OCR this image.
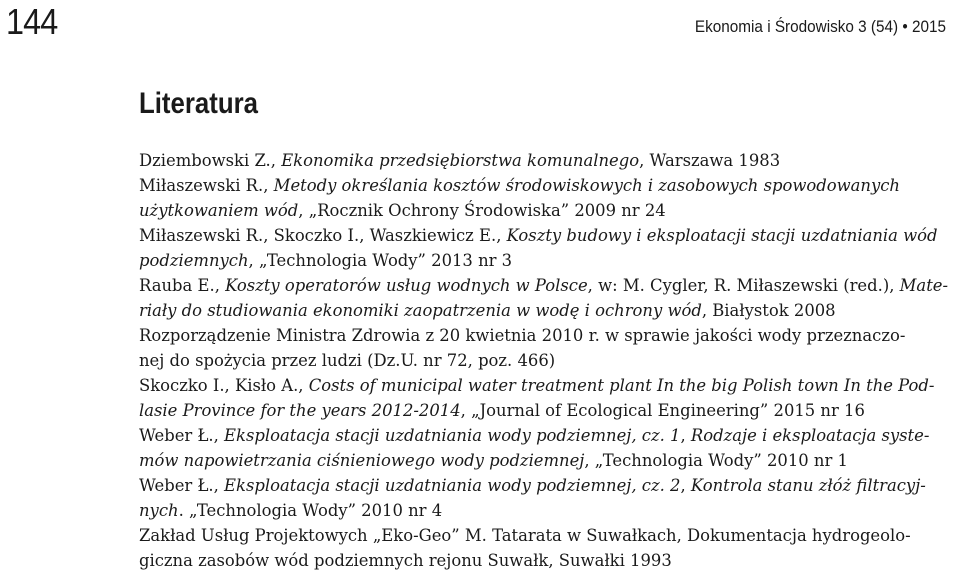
144	Ekonomia i Środowisko 3 (54) • 2015
Literatura
Dziembowski Z., Ekonomika przedsiębiorstwa komunalnego, Warszawa 1983
Miłaszewski R., Metody określania kosztów środowiskowych i zasobowych spowodowanych
użytkowaniem wód, „Rocznik Ochrony Środowiska” 2009 nr 24
Miłaszewski R., Skoczko I., Waszkiewicz E., Koszty budowy i eksploatacji stacji uzdatniania wód
podziemnych, „Technologia Wody” 2013 nr 3
Rauba E., Koszty operatorów usług wodnych w Polsce, w: M. Cygler, R. Miłaszewski (red.), Mate-
riały do studiowania ekonomiki zaopatrzenia w wodę i ochrony wód, Białystok 2008
Rozporządzenie Ministra Zdrowia z 20 kwietnia 2010 r. w sprawie jakości wody przeznaczo-
nej do spożycia przez ludzi (Dz.U. nr 72, poz. 466)
Skoczko I., Kisło A., Costs of municipal water treatment plant In the big Polish town In the Pod-
lasie Province for the years 2012-2014, „Journal of Ecological Engineering” 2015 nr 16
Weber Ł., Eksploatacja stacji uzdatniania wody podziemnej, cz. 1, Rodzaje i eksploatacja syste-
mów napowietrzania ciśnieniowego wody podziemnej, „Technologia Wody” 2010 nr 1
Weber Ł., Eksploatacja stacji uzdatniania wody podziemnej, cz. 2, Kontrola stanu złóż filtracyj-
nych. „Technologia Wody” 2010 nr 4
Zakład Usług Projektowych „Eko-Geo” M. Tatarata w Suwałkach, Dokumentacja hydrogeolo-
giczna zasobów wód podziemnych rejonu Suwałk, Suwałki 1993
